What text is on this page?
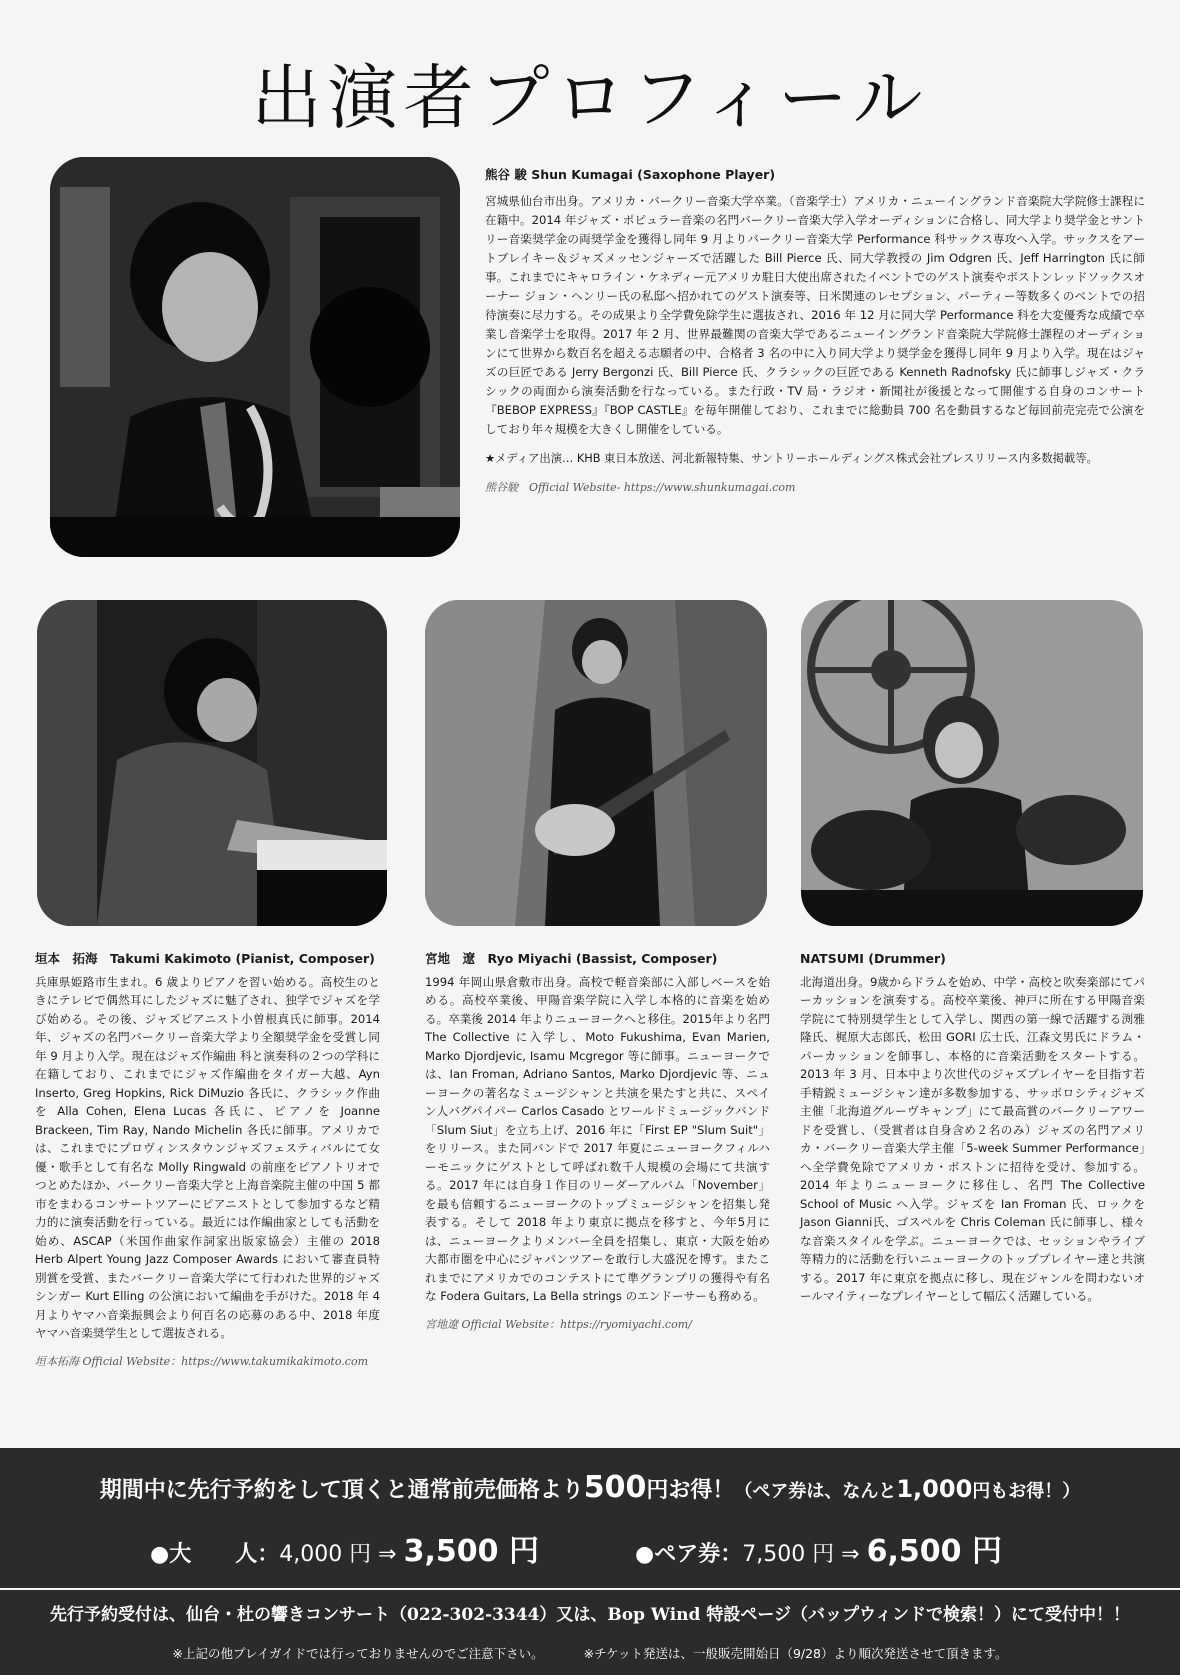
出演者プロフィール
熊谷 駿 Shun Kumagai (Saxophone Player)

宮城県仙台市出身。アメリカ・バークリー音楽大学卒業。（音楽学士）アメリカ・ニューイングランド音楽院大学院修士課程に在籍中。2014 年ジャズ・ポピュラー音楽の名門バークリー音楽大学入学オーディションに合格し、同大学より奨学金とサントリー音楽奨学金の両奨学金を獲得し同年 9 月よりバークリー音楽大学 Performance 科サックス専攻へ入学。サックスをアートブレイキー＆ジャズメッセンジャーズで活躍した Bill Pierce 氏、同大学教授の Jim Odgren 氏、Jeff Harrington 氏に師事。これまでにキャロライン・ケネディー元アメリカ駐日大使出席されたイベントでのゲスト演奏やボストンレッドソックスオーナー ジョン・ヘンリー氏の私邸へ招かれてのゲスト演奏等、日米関連のレセプション、パーティー等数多くのベントでの招待演奏に尽力する。その成果より全学費免除学生に選抜され、2016 年 12 月に同大学 Performance 科を大変優秀な成績で卒業し音楽学士を取得。2017 年 2 月、世界最難関の音楽大学であるニューイングランド音楽院大学院修士課程のオーディションにて世界から数百名を超える志願者の中、合格者 3 名の中に入り同大学より奨学金を獲得し同年 9 月より入学。現在はジャズの巨匠である Jerry Bergonzi 氏、Bill Pierce 氏、クラシックの巨匠である Kenneth Radnofsky 氏に師事しジャズ・クラシックの両面から演奏活動を行なっている。また行政・TV 局・ラジオ・新聞社が後援となって開催する自身のコンサート『BEBOP EXPRESS』『BOP CASTLE』を毎年開催しており、これまでに総動員 700 名を動員するなど毎回前売完売で公演をしており年々規模を大きくし開催をしている。

★メディア出演… KHB 東日本放送、河北新報特集、サントリーホールディングス株式会社プレスリリース内多数掲載等。
熊谷駿　Official Website- https://www.shunkumagai.com
垣本　拓海　Takumi Kakimoto (Pianist, Composer)

兵庫県姫路市生まれ。6 歳よりピアノを習い始める。高校生のときにテレビで偶然耳にしたジャズに魅了され、独学でジャズを学び始める。その後、ジャズピアニスト小曽根真氏に師事。2014 年、ジャズの名門バークリー音楽大学より全額奨学金を受賞し同年 9 月より入学。現在はジャズ作編曲 科と演奏科の２つの学科に在籍しており、これまでにジャズ作編曲をタイガー大越、Ayn Inserto, Greg Hopkins, Rick DiMuzio 各氏に、クラシック作曲を Alla Cohen, Elena Lucas 各氏に、ピアノを Joanne Brackeen, Tim Ray, Nando Michelin 各氏に師事。アメリカでは、これまでにプロヴィンスタウンジャズフェスティバルにて女優・歌手として有名な Molly Ringwald の前座をピアノトリオでつとめたほか、バークリー音楽大学と上海音楽院主催の中国 5 都市をまわるコンサートツアーにピアニストとして参加するなど精力的に演奏活動を行っている。最近には作編曲家としても活動を始め、ASCAP（米国作曲家作詞家出版家協会）主催の 2018 Herb Alpert Young Jazz Composer Awards において審査員特別賞を受賞、またバークリー音楽大学にて行われた世界的ジャズシンガー Kurt Elling の公演において編曲を手がけた。2018 年 4 月よりヤマハ音楽振興会より何百名の応募のある中、2018 年度ヤマハ音楽奨学生として選抜される。

垣本拓海 Official Website：https://www.takumikakimoto.com
宮地　遼　Ryo Miyachi (Bassist, Composer)

1994 年岡山県倉敷市出身。高校で軽音楽部に入部しベースを始める。高校卒業後、甲陽音楽学院に入学し本格的に音楽を始める。卒業後 2014 年よりニューヨークへと移住。2015年より名門 The Collective に入学し、Moto Fukushima, Evan Marien, Marko Djordjevic, Isamu Mcgregor 等に師事。ニューヨークでは、Ian Froman, Adriano Santos, Marko Djordjevic 等、ニューヨークの著名なミュージシャンと共演を果たすと共に、スペイン人バグパイパー Carlos Casado とワールドミュージックバンド「Slum Siut」を立ち上げ、2016 年に「First EP "Slum Suit"」をリリース。また同バンドで 2017 年夏にニューヨークフィルハーモニックにゲストとして呼ばれ数千人規模の会場にて共演する。2017 年には自身１作目のリーダーアルバム「November」を最も信頼するニューヨークのトップミュージシャンを招集し発表する。そして 2018 年より東京に拠点を移すと、今年5月には、ニューヨークよりメンバー全員を招集し、東京・大阪を始め大都市圏を中心にジャパンツアーを敢行し大盛況を博す。またこれまでにアメリカでのコンテストにて準グランプリの獲得や有名な Fodera Guitars, La Bella strings のエンドーサーも務める。

宮地遼 Official Website：https://ryomiyachi.com/
NATSUMI (Drummer)

北海道出身。9歳からドラムを始め、中学・高校と吹奏楽部にてパーカッションを演奏する。高校卒業後、神戸に所在する甲陽音楽学院にて特別奨学生として入学し、関西の第一線で活躍する渕雅隆氏、梶原大志郎氏、松田 GORI 広士氏、江森文男氏にドラム・パーカッションを師事し、本格的に音楽活動をスタートする。2013 年 3 月、日本中より次世代のジャズプレイヤーを目指す若手精鋭ミュージシャン達が多数参加する、サッポロシティジャズ主催「北海道グルーヴキャンプ」にて最高賞のバークリーアワードを受賞し、（受賞者は自身含め２名のみ）ジャズの名門アメリカ・バークリー音楽大学主催「5-week Summer Performance」へ全学費免除でアメリカ・ボストンに招待を受け、参加する。2014 年よりニューヨークに移住し、名門 The Collective School of Music へ入学。ジャズを Ian Froman 氏、ロックを Jason Gianni氏、ゴスペルを Chris Coleman 氏に師事し、様々な音楽スタイルを学ぶ。ニューヨークでは、セッションやライブ等精力的に活動を行いニューヨークのトッププレイヤー達と共演する。2017 年に東京を拠点に移し、現在ジャンルを問わないオールマイティーなプレイヤーとして幅広く活躍している。

期間中に先行予約をして頂くと通常前売価格より500円お得！（ペア券は、なんと1,000円もお得！）
●大　　人：4,000 円 ⇒ 3,500 円	●ペア券：7,500 円 ⇒ 6,500 円
先行予約受付は、仙台・杜の響きコンサート（022-302-3344）又は、Bop Wind 特設ページ（バップウィンドで検索！）にて受付中！！
※上記の他プレイガイドでは行っておりませんのでご注意下さい。	※チケット発送は、一般販売開始日（9/28）より順次発送させて頂きます。
